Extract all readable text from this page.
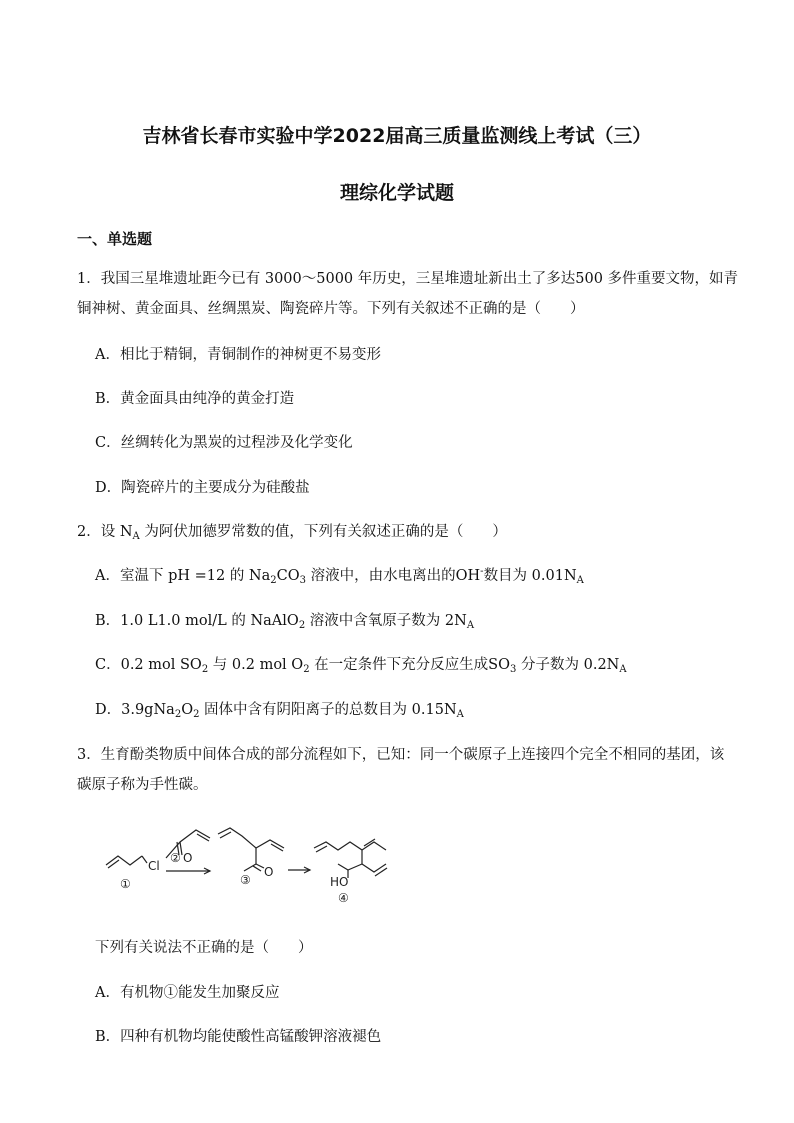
吉林省长春市实验中学2022届高三质量监测线上考试（三）
理综化学试题
一、单选题
1．我国三星堆遗址距今已有 3000～5000 年历史，三星堆遗址新出土了多达500 多件重要文物，如青
铜神树、黄金面具、丝绸黑炭、陶瓷碎片等。下列有关叙述不正确的是（　　）
A．相比于精铜，青铜制作的神树更不易变形
B．黄金面具由纯净的黄金打造
C．丝绸转化为黑炭的过程涉及化学变化
D．陶瓷碎片的主要成分为硅酸盐
2．设 $N_A$ 为阿伏加德罗常数的值，下列有关叙述正确的是（　　）
A．室温下 pH =12 的 $Na_2CO_3$ 溶液中，由水电离出的OH-数目为 $0.01N_A$
B．1.0 L1.0 mol/L 的 NaAlO$_2$ 溶液中含氧原子数为 $2N_A$
C．0.2 mol $SO_2$ 与 0.2 mol $O_2$ 在一定条件下充分反应生成$SO_3$ 分子数为 $0.2N_A$
D．$3.9gNa_2O_2$ 固体中含有阴阳离子的总数目为 $0.15N_A$
3．生育酚类物质中间体合成的部分流程如下，已知：同一个碳原子上连接四个完全不相同的基团，该
碳原子称为手性碳。
Cl
①
② O
③
O
HO
④
下列有关说法不正确的是（　　）
A．有机物①能发生加聚反应
B．四种有机物均能使酸性高锰酸钾溶液褪色
